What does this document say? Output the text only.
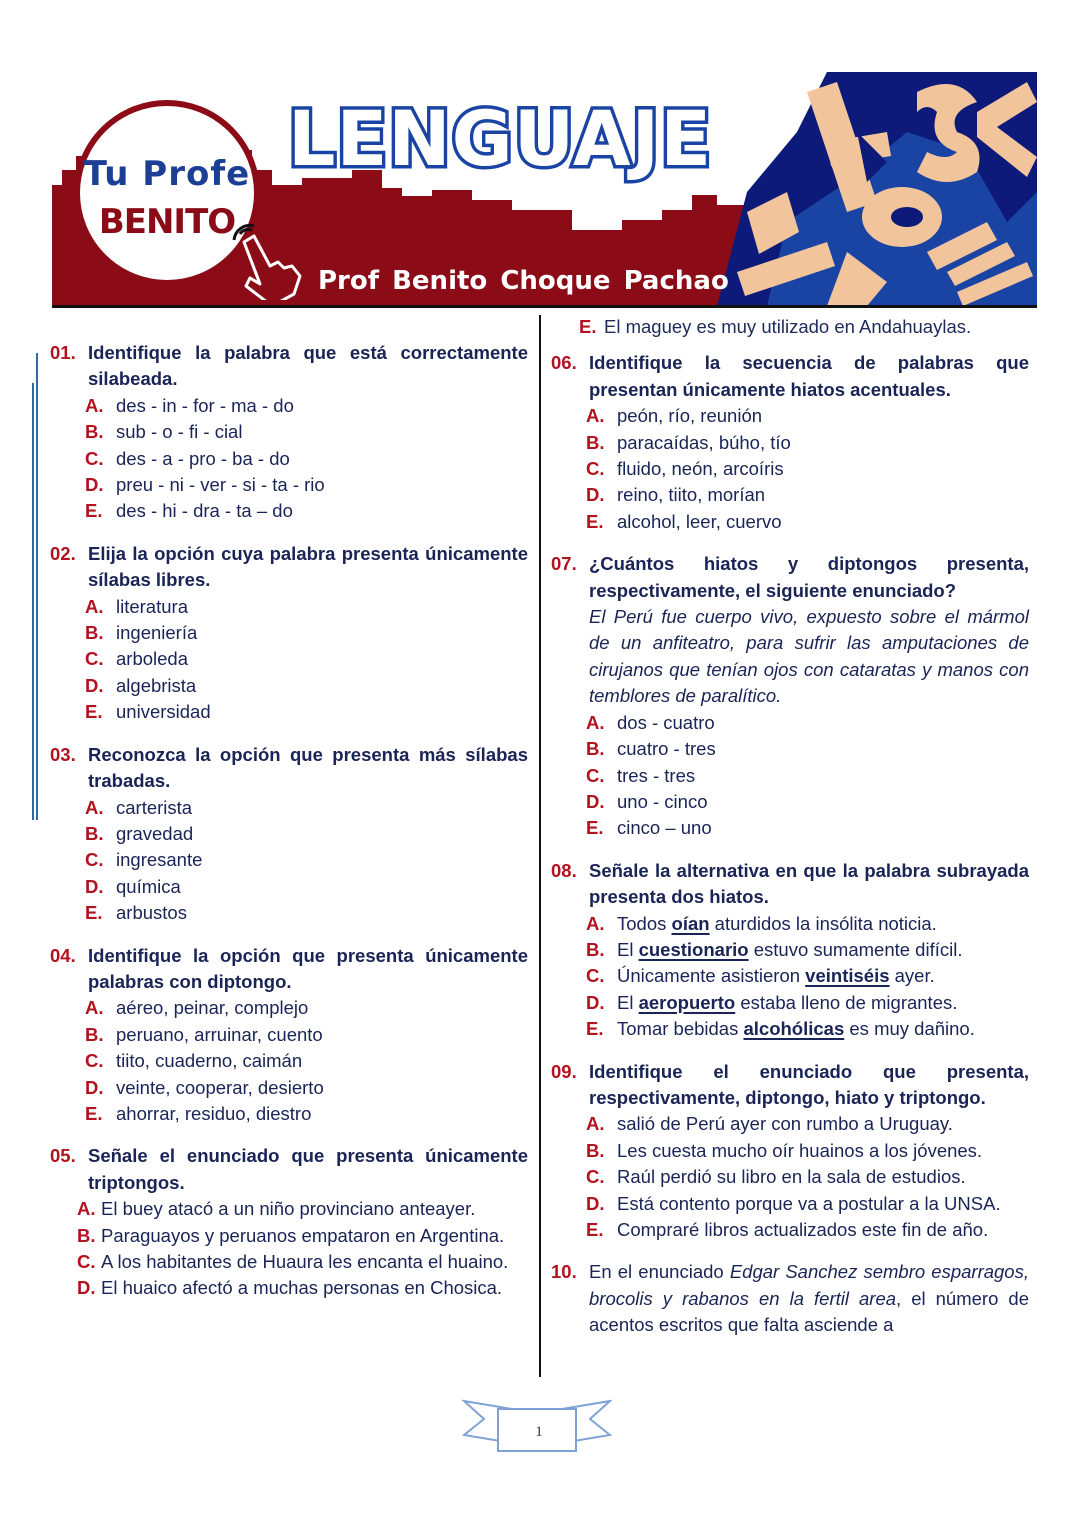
Tu Profe
BENITO
LENGUAJE
Prof Benito Choque Pachao
01. Identifique la palabra que está correctamente silabeada.
A. des - in - for - ma - do
B. sub - o - fi - cial
C. des - a - pro - ba - do
D. preu - ni - ver - si - ta - rio
E. des - hi - dra - ta – do
02. Elija la opción cuya palabra presenta únicamente sílabas libres.
A. literatura
B. ingeniería
C. arboleda
D. algebrista
E. universidad
03. Reconozca la opción que presenta más sílabas trabadas.
A. carterista
B. gravedad
C. ingresante
D. química
E. arbustos
04. Identifique la opción que presenta únicamente palabras con diptongo.
A. aéreo, peinar, complejo
B. peruano, arruinar, cuento
C. tiito, cuaderno, caimán
D. veinte, cooperar, desierto
E. ahorrar, residuo, diestro
05. Señale el enunciado que presenta únicamente triptongos.
A. El buey atacó a un niño provinciano anteayer.
B. Paraguayos y peruanos empataron en Argentina.
C. A los habitantes de Huaura les encanta el huaino.
D. El huaico afectó a muchas personas en Chosica.
E. El maguey es muy utilizado en Andahuaylas.
06. Identifique la secuencia de palabras que presentan únicamente hiatos acentuales.
A. peón, río, reunión
B. paracaídas, búho, tío
C. fluido, neón, arcoíris
D. reino, tiito, morían
E. alcohol, leer, cuervo
07. ¿Cuántos hiatos y diptongos presenta, respectivamente, el siguiente enunciado?
El Perú fue cuerpo vivo, expuesto sobre el mármol de un anfiteatro, para sufrir las amputaciones de cirujanos que tenían ojos con cataratas y manos con temblores de paralítico.
A. dos - cuatro
B. cuatro - tres
C. tres - tres
D. uno - cinco
E. cinco – uno
08. Señale la alternativa en que la palabra subrayada presenta dos hiatos.
A. Todos oían aturdidos la insólita noticia.
B. El cuestionario estuvo sumamente difícil.
C. Únicamente asistieron veintiséis ayer.
D. El aeropuerto estaba lleno de migrantes.
E. Tomar bebidas alcohólicas es muy dañino.
09. Identifique el enunciado que presenta, respectivamente, diptongo, hiato y triptongo.
A. salió de Perú ayer con rumbo a Uruguay.
B. Les cuesta mucho oír huainos a los jóvenes.
C. Raúl perdió su libro en la sala de estudios.
D. Está contento porque va a postular a la UNSA.
E. Compraré libros actualizados este fin de año.
10. En el enunciado Edgar Sanchez sembro esparragos, brocolis y rabanos en la fertil area, el número de acentos escritos que falta asciende a
1
